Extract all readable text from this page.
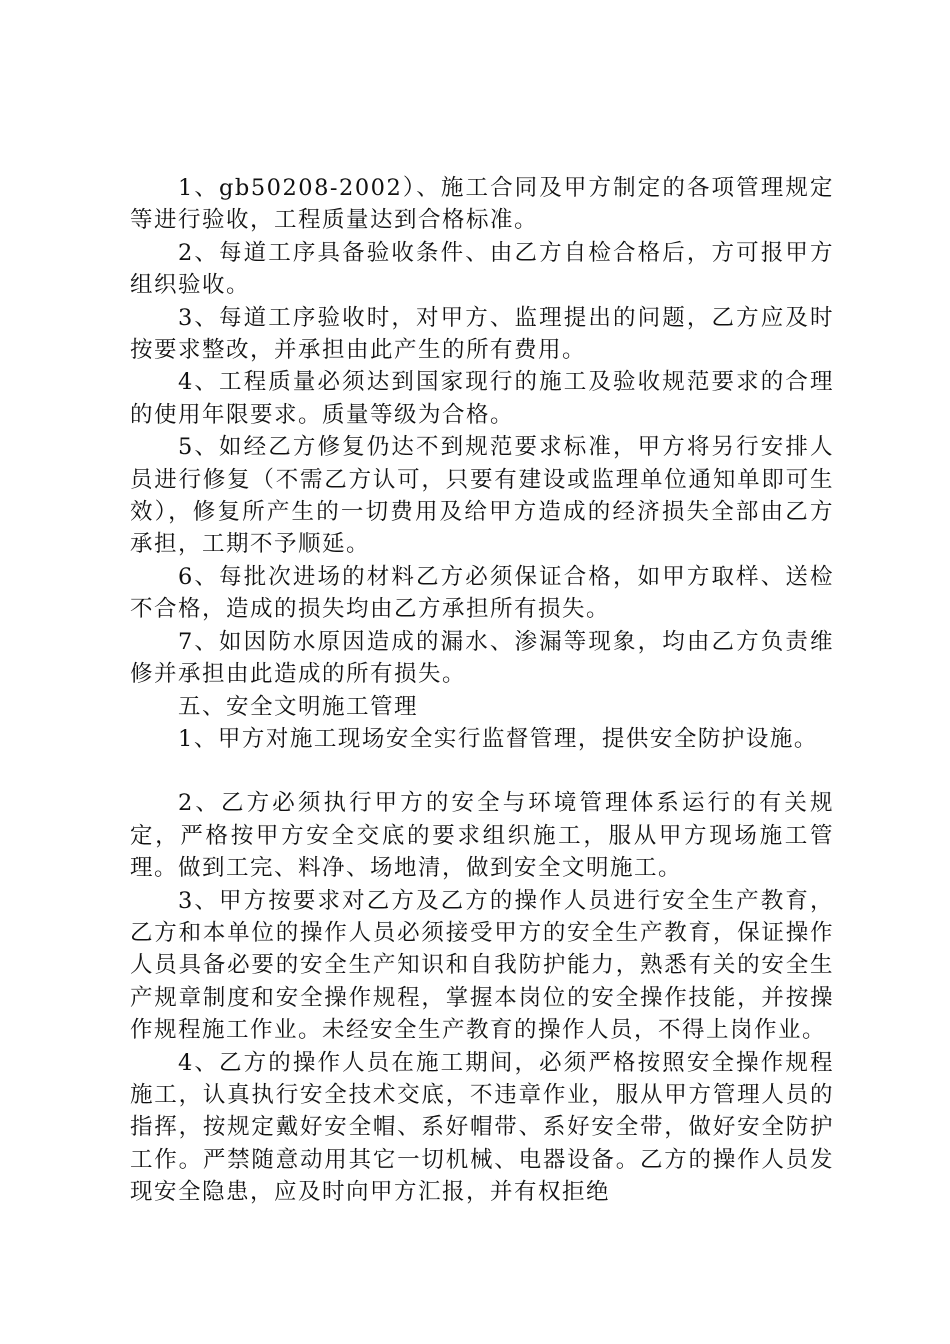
1、gb50208-2002）、施工合同及甲方制定的各项管理规定等进行验收，工程质量达到合格标准。

2、每道工序具备验收条件、由乙方自检合格后，方可报甲方组织验收。

3、每道工序验收时，对甲方、监理提出的问题，乙方应及时按要求整改，并承担由此产生的所有费用。

4、工程质量必须达到国家现行的施工及验收规范要求的合理的使用年限要求。质量等级为合格。

5、如经乙方修复仍达不到规范要求标准，甲方将另行安排人员进行修复（不需乙方认可，只要有建设或监理单位通知单即可生效），修复所产生的一切费用及给甲方造成的经济损失全部由乙方承担，工期不予顺延。

6、每批次进场的材料乙方必须保证合格，如甲方取样、送检不合格，造成的损失均由乙方承担所有损失。

7、如因防水原因造成的漏水、渗漏等现象，均由乙方负责维修并承担由此造成的所有损失。

五、安全文明施工管理

1、甲方对施工现场安全实行监督管理，提供安全防护设施。

2、乙方必须执行甲方的安全与环境管理体系运行的有关规定，严格按甲方安全交底的要求组织施工，服从甲方现场施工管理。做到工完、料净、场地清，做到安全文明施工。

3、甲方按要求对乙方及乙方的操作人员进行安全生产教育，乙方和本单位的操作人员必须接受甲方的安全生产教育，保证操作人员具备必要的安全生产知识和自我防护能力，熟悉有关的安全生产规章制度和安全操作规程，掌握本岗位的安全操作技能，并按操作规程施工作业。未经安全生产教育的操作人员，不得上岗作业。

4、乙方的操作人员在施工期间，必须严格按照安全操作规程施工，认真执行安全技术交底，不违章作业，服从甲方管理人员的指挥，按规定戴好安全帽、系好帽带、系好安全带，做好安全防护工作。严禁随意动用其它一切机械、电器设备。乙方的操作人员发现安全隐患，应及时向甲方汇报，并有权拒绝
